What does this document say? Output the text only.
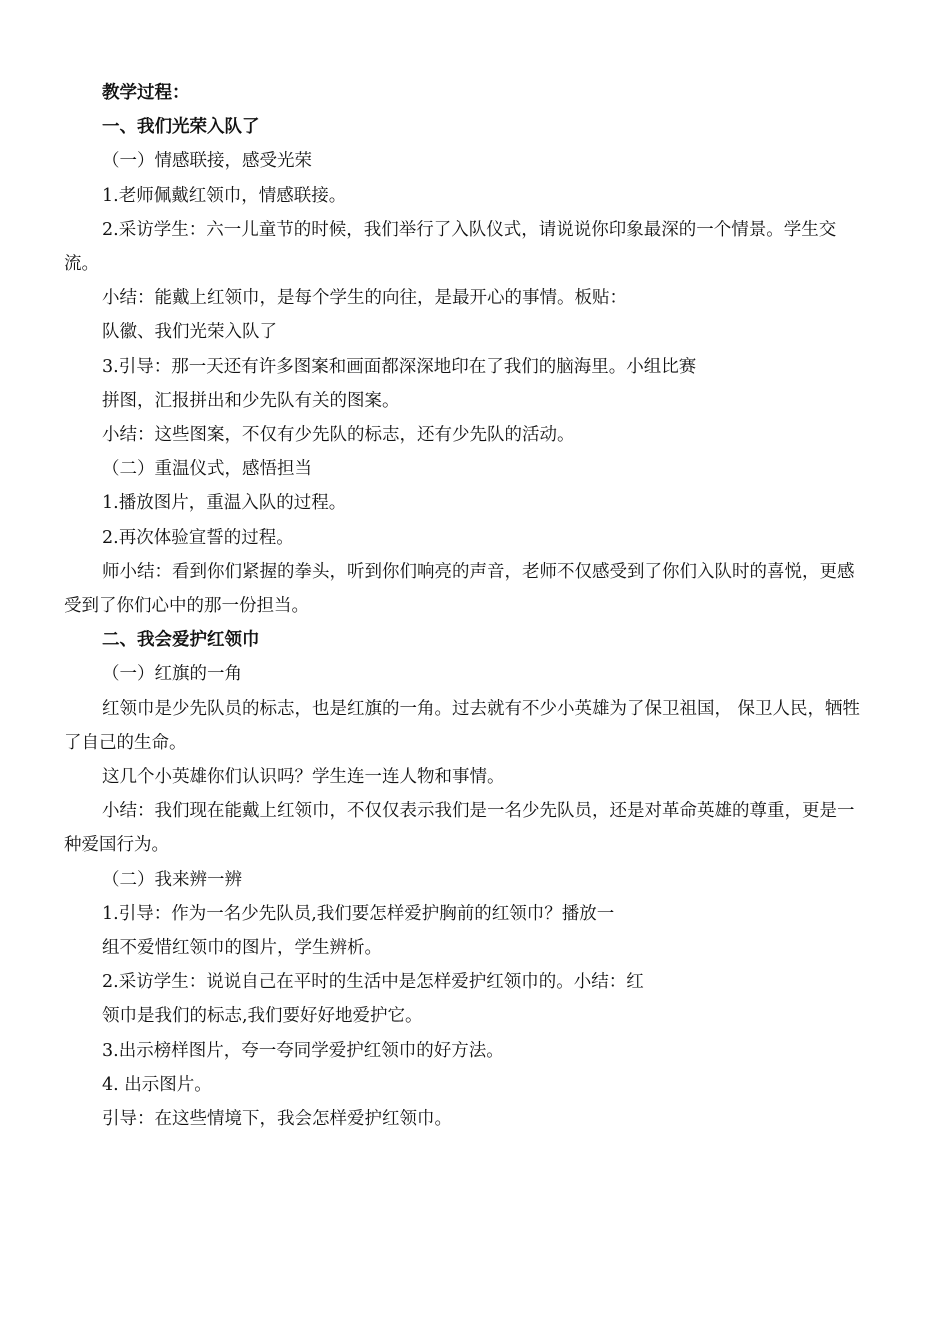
教学过程：

一、我们光荣入队了

（一）情感联接，感受光荣

1.老师佩戴红领巾，情感联接。

2.采访学生：六一儿童节的时候，我们举行了入队仪式，请说说你印象最深的一个情景。学生交流。

小结：能戴上红领巾，是每个学生的向往，是最开心的事情。板贴：

队徽、我们光荣入队了

3.引导：那一天还有许多图案和画面都深深地印在了我们的脑海里。小组比赛

拼图，汇报拼出和少先队有关的图案。

小结：这些图案，不仅有少先队的标志，还有少先队的活动。

（二）重温仪式，感悟担当

1.播放图片，重温入队的过程。

2.再次体验宣誓的过程。

师小结：看到你们紧握的拳头，听到你们响亮的声音，老师不仅感受到了你们入队时的喜悦，更感受到了你们心中的那一份担当。

二、我会爱护红领巾

（一）红旗的一角

红领巾是少先队员的标志，也是红旗的一角。过去就有不少小英雄为了保卫祖国， 保卫人民，牺牲了自己的生命。

这几个小英雄你们认识吗？学生连一连人物和事情。

小结：我们现在能戴上红领巾，不仅仅表示我们是一名少先队员，还是对革命英雄的尊重，更是一种爱国行为。

（二）我来辨一辨

1.引导：作为一名少先队员,我们要怎样爱护胸前的红领巾？播放一

组不爱惜红领巾的图片，学生辨析。

2.采访学生：说说自己在平时的生活中是怎样爱护红领巾的。小结：红

领巾是我们的标志,我们要好好地爱护它。

3.出示榜样图片，夸一夸同学爱护红领巾的好方法。

4. 出示图片。

引导：在这些情境下，我会怎样爱护红领巾。
